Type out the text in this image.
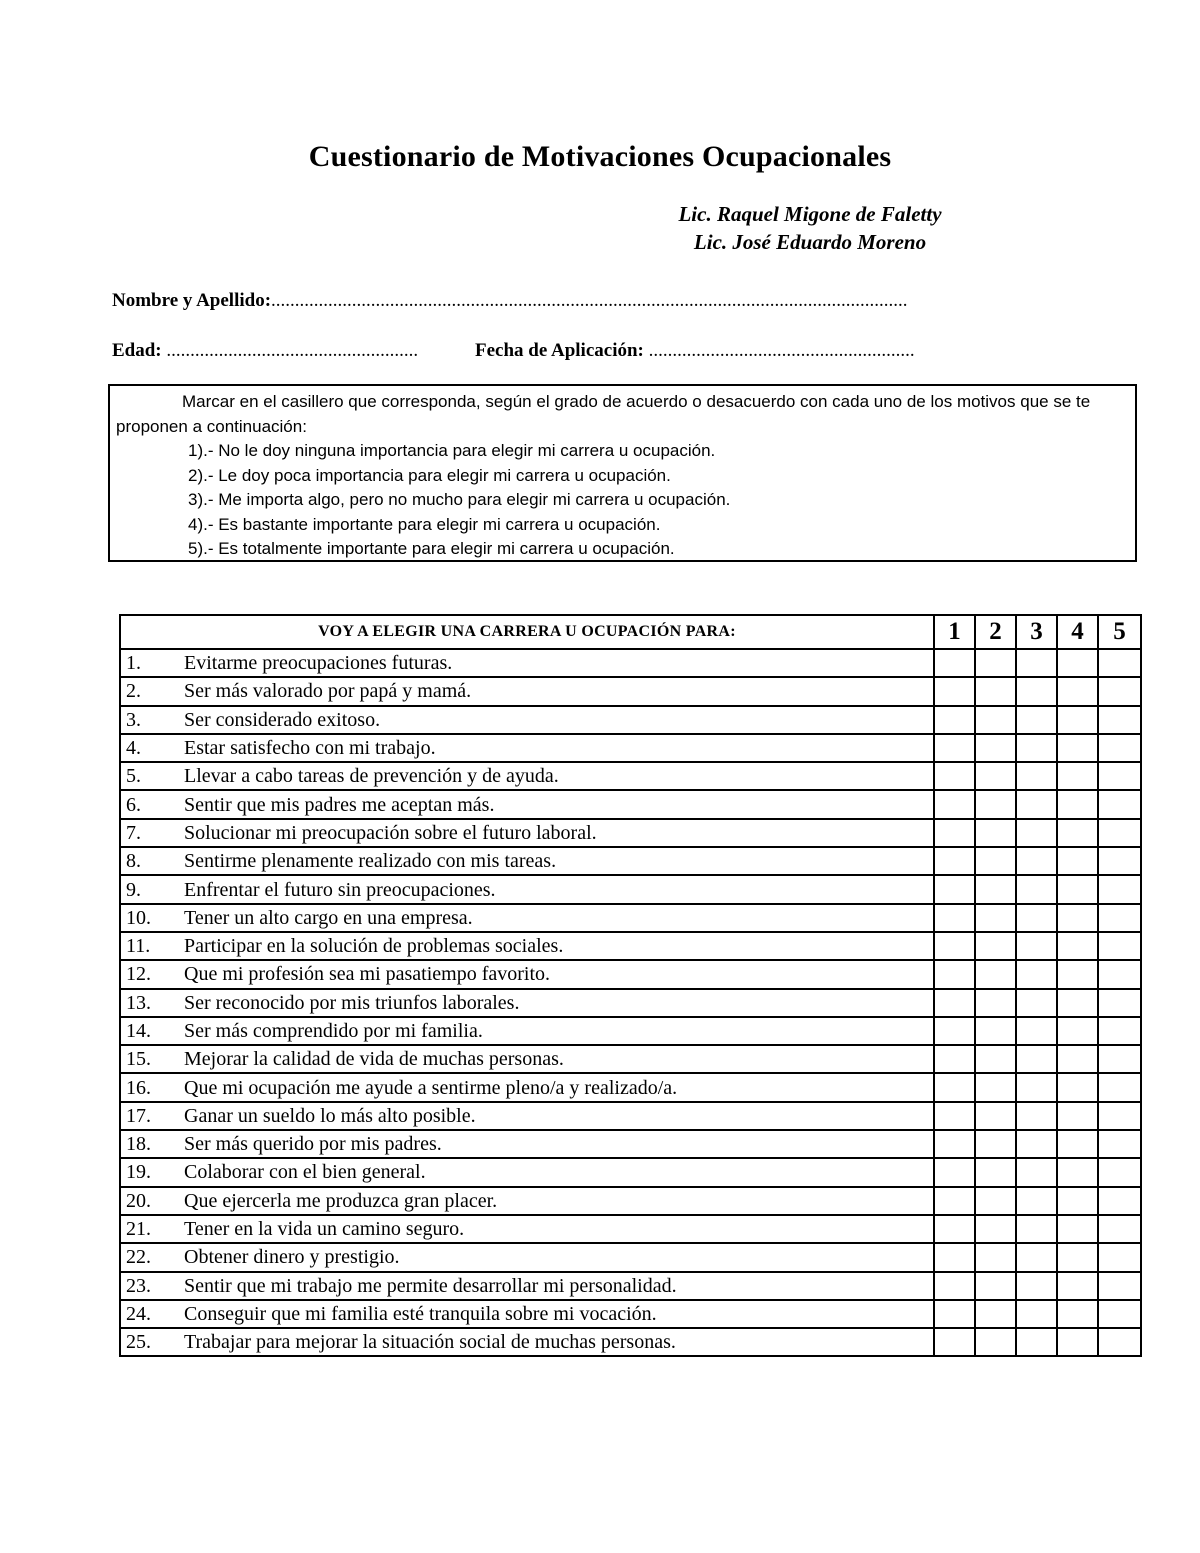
Cuestionario de Motivaciones Ocupacionales
Lic. Raquel Migone de Faletty
Lic. José Eduardo Moreno
Nombre y Apellido:......................................................................................................................................
Edad: .....................................................	Fecha de Aplicación: ........................................................

Marcar en el casillero que corresponda, según el grado de acuerdo o desacuerdo con cada uno de los motivos que se te proponen a continuación:

1).- No le doy ninguna importancia para elegir mi carrera u ocupación.
2).- Le doy poca importancia para elegir mi carrera u ocupación.
3).- Me importa algo, pero no mucho para elegir mi carrera u ocupación.
4).- Es bastante importante para elegir mi carrera u ocupación.
5).- Es totalmente importante para elegir mi carrera u ocupación.
VOY A ELEGIR UNA CARRERA U OCUPACIÓN PARA:	1	2	3	4	5
1. Evitarme preocupaciones futuras.					
2. Ser más valorado por papá y mamá.					
3. Ser considerado exitoso.					
4. Estar satisfecho con mi trabajo.					
5. Llevar a cabo tareas de prevención y de ayuda.					
6. Sentir que mis padres me aceptan más.					
7. Solucionar mi preocupación sobre el futuro laboral.					
8. Sentirme plenamente realizado con mis tareas.					
9. Enfrentar el futuro sin preocupaciones.					
10. Tener un alto cargo en una empresa.					
11. Participar en la solución de problemas sociales.					
12. Que mi profesión sea mi pasatiempo favorito.					
13. Ser reconocido por mis triunfos laborales.					
14. Ser más comprendido por mi familia.					
15. Mejorar la calidad de vida de muchas personas.					
16. Que mi ocupación me ayude a sentirme pleno/a y realizado/a.					
17. Ganar un sueldo lo más alto posible.					
18. Ser más querido por mis padres.					
19. Colaborar con el bien general.					
20. Que ejercerla me produzca gran placer.					
21. Tener en la vida un camino seguro.					
22. Obtener dinero y prestigio.					
23. Sentir que mi trabajo me permite desarrollar mi personalidad.					
24. Conseguir que mi familia esté tranquila sobre mi vocación.					
25. Trabajar para mejorar la situación social de muchas personas.					
